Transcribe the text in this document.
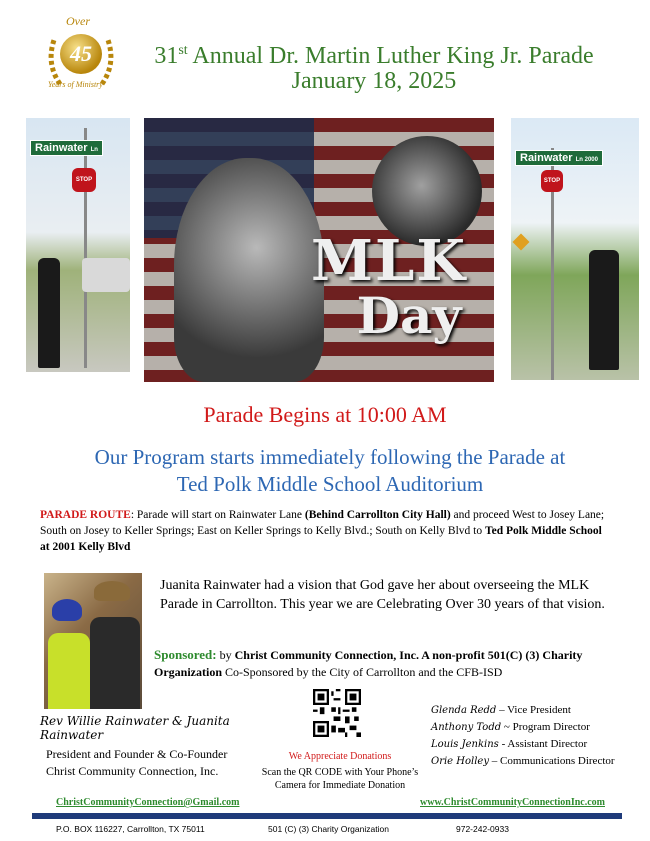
Over
45
Years of Ministry
31st Annual Dr. Martin Luther King Jr. Parade
January 18, 2025
Rainwater Ln
STOP
MLK
Day
Rainwater Ln 2000
STOP
Parade Begins at 10:00 AM
Our Program starts immediately following the Parade at
Ted Polk Middle School Auditorium
PARADE ROUTE: Parade will start on Rainwater Lane (Behind Carrollton City Hall) and proceed West to Josey Lane; South on Josey to Keller Springs; East on Keller Springs to Kelly Blvd.; South on Kelly Blvd to Ted Polk Middle School at 2001 Kelly Blvd
Juanita Rainwater had a vision that God gave her about overseeing the MLK Parade in Carrollton. This year we are Celebrating Over 30 years of that vision.
Sponsored: by Christ Community Connection, Inc. A non-profit 501(C) (3) Charity Organization Co-Sponsored by the City of Carrollton and the CFB-ISD
We Appreciate Donations
Scan the QR CODE with Your Phone’s
Camera for Immediate Donation
Glenda Redd – Vice President
Anthony Todd ~ Program Director
Louis Jenkins - Assistant Director
Orie Holley – Communications Director
Rev Willie Rainwater & Juanita Rainwater
President and Founder & Co-Founder
Christ Community Connection, Inc.
ChristCommunityConnection@Gmail.com	www.ChristCommunityConnectionInc.com
P.O. BOX 116227, Carrollton, TX 75011	501 (C) (3) Charity Organization	972-242-0933
